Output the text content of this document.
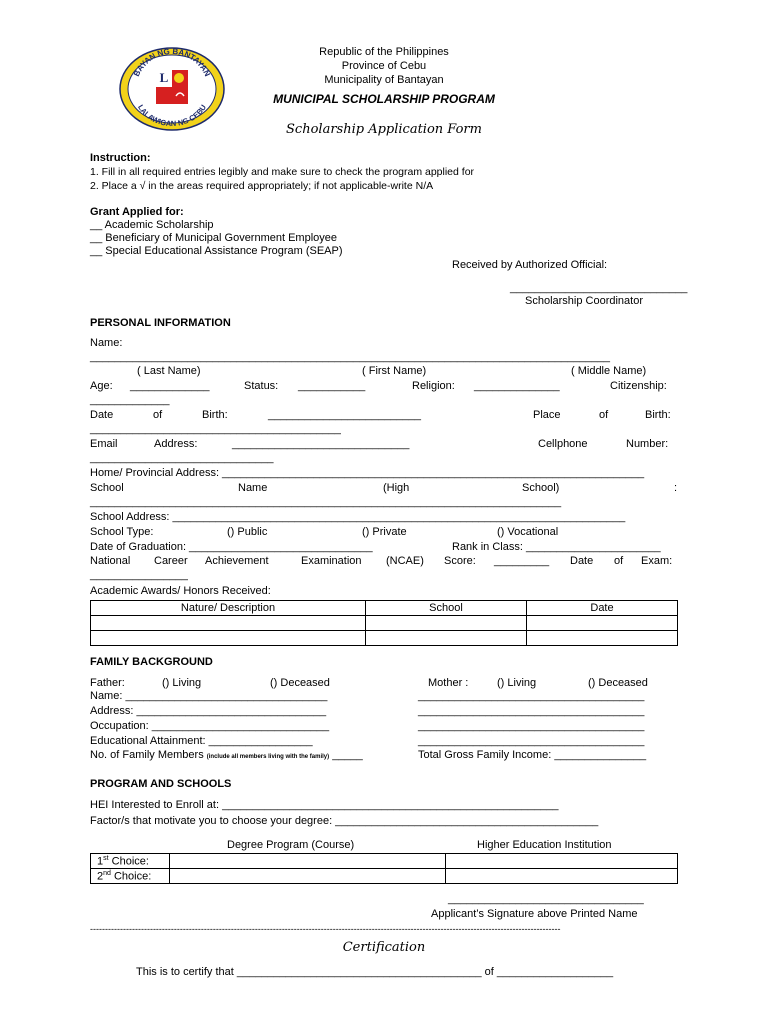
BAYAN NG BANTAYAN
LALAWIGAN NG CEBU
L
Republic of the Philippines
Province of Cebu
Municipality of Bantayan
MUNICIPAL SCHOLARSHIP PROGRAM
Scholarship Application Form
Instruction:
1. Fill in all required entries legibly and make sure to check the program applied for
2. Place a √ in the areas required appropriately; if not applicable-write N/A
Grant Applied for:
__ Academic Scholarship
__ Beneficiary of Municipal Government Employee
__ Special Educational Assistance Program (SEAP)
Received by Authorized Official:
_____________________________
Scholarship Coordinator
PERSONAL INFORMATION
Name:
_____________________________________________________________________________________
( Last Name)	( First Name)	( Middle Name)
Age: _____________	Status: ___________	Religion: ______________	Citizenship:
_____________
Date	of	Birth:	_________________________	Place	of	Birth:
_________________________________________
Email	Address:	_____________________________	Cellphone	Number:
______________________________
Home/ Provincial Address: _____________________________________________________________________
School	Name	(High	School)	:
_____________________________________________________________________________
School Address: __________________________________________________________________________
School Type:	() Public	() Private	() Vocational
Date of Graduation: ______________________________	Rank in Class: ______________________
National Career Achievement	Examination (NCAE) Score: _________ Date of Exam:
________________
Academic Awards/ Honors Received:
Nature/ Description	School	Date

FAMILY BACKGROUND
Father:	() Living	() Deceased	Mother :	() Living	() Deceased
Name: _________________________________	_____________________________________
Address: _______________________________	_____________________________________
Occupation: _____________________________	_____________________________________
Educational Attainment: _________________	_____________________________________
No. of Family Members (include all members living with the family) _____	Total Gross Family Income: _______________
PROGRAM AND SCHOOLS
HEI Interested to Enroll at: _______________________________________________________
Factor/s that motivate you to choose your degree: ___________________________________________
Degree Program (Course)	Higher Education Institution
1st Choice:		
2nd Choice:		
________________________________
Applicant’s Signature above Printed Name
-------------------------------------------------------------------------------------------------------------------------------------------------------------
Certification
This is to certify that ________________________________________ of ___________________
